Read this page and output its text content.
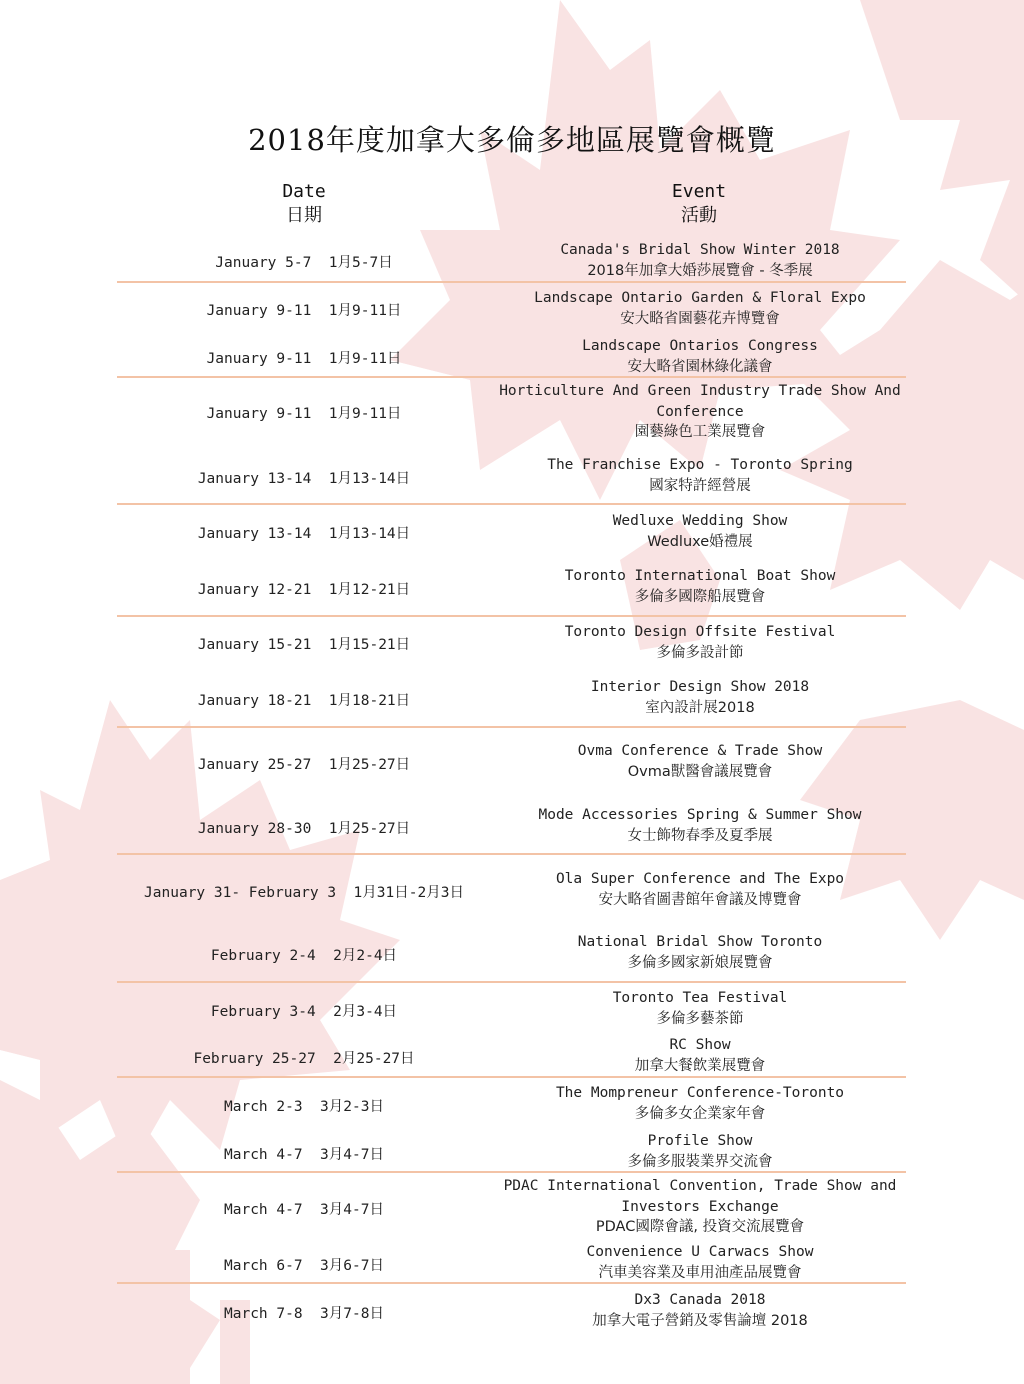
2018年度加拿大多倫多地區展覽會概覽
Date
日期
Event
活動
January 5-7  1月5-7日
Canada's Bridal Show Winter 2018
2018年加拿大婚莎展覽會 - 冬季展
January 9-11  1月9-11日
Landscape Ontario Garden & Floral Expo
安大略省園藝花卉博覽會
January 9-11  1月9-11日
Landscape Ontarios Congress
安大略省園林綠化議會
January 9-11  1月9-11日
Horticulture And Green Industry Trade Show And
Conference
園藝綠色工業展覽會
January 13-14  1月13-14日
The Franchise Expo - Toronto Spring
國家特許經營展
January 13-14  1月13-14日
Wedluxe Wedding Show
Wedluxe婚禮展
January 12-21  1月12-21日
Toronto International Boat Show
多倫多國際船展覽會
January 15-21  1月15-21日
Toronto Design Offsite Festival
多倫多設計節
January 18-21  1月18-21日
Interior Design Show 2018
室內設計展2018
January 25-27  1月25-27日
Ovma Conference & Trade Show
Ovma獸醫會議展覽會
January 28-30  1月25-27日
Mode Accessories Spring & Summer Show
女士飾物春季及夏季展
January 31- February 3  1月31日-2月3日
Ola Super Conference and The Expo
安大略省圖書館年會議及博覽會
February 2-4  2月2-4日
National Bridal Show Toronto
多倫多國家新娘展覽會
February 3-4  2月3-4日
Toronto Tea Festival
多倫多藝茶節
February 25-27  2月25-27日
RC Show
加拿大餐飲業展覽會
March 2-3  3月2-3日
The Mompreneur Conference-Toronto
多倫多女企業家年會
March 4-7  3月4-7日
Profile Show
多倫多服裝業界交流會
March 4-7  3月4-7日
PDAC International Convention, Trade Show and
Investors Exchange
PDAC國際會議, 投資交流展覽會
March 6-7  3月6-7日
Convenience U Carwacs Show
汽車美容業及車用油產品展覽會
March 7-8  3月7-8日
Dx3 Canada 2018
加拿大電子營銷及零售論壇 2018
